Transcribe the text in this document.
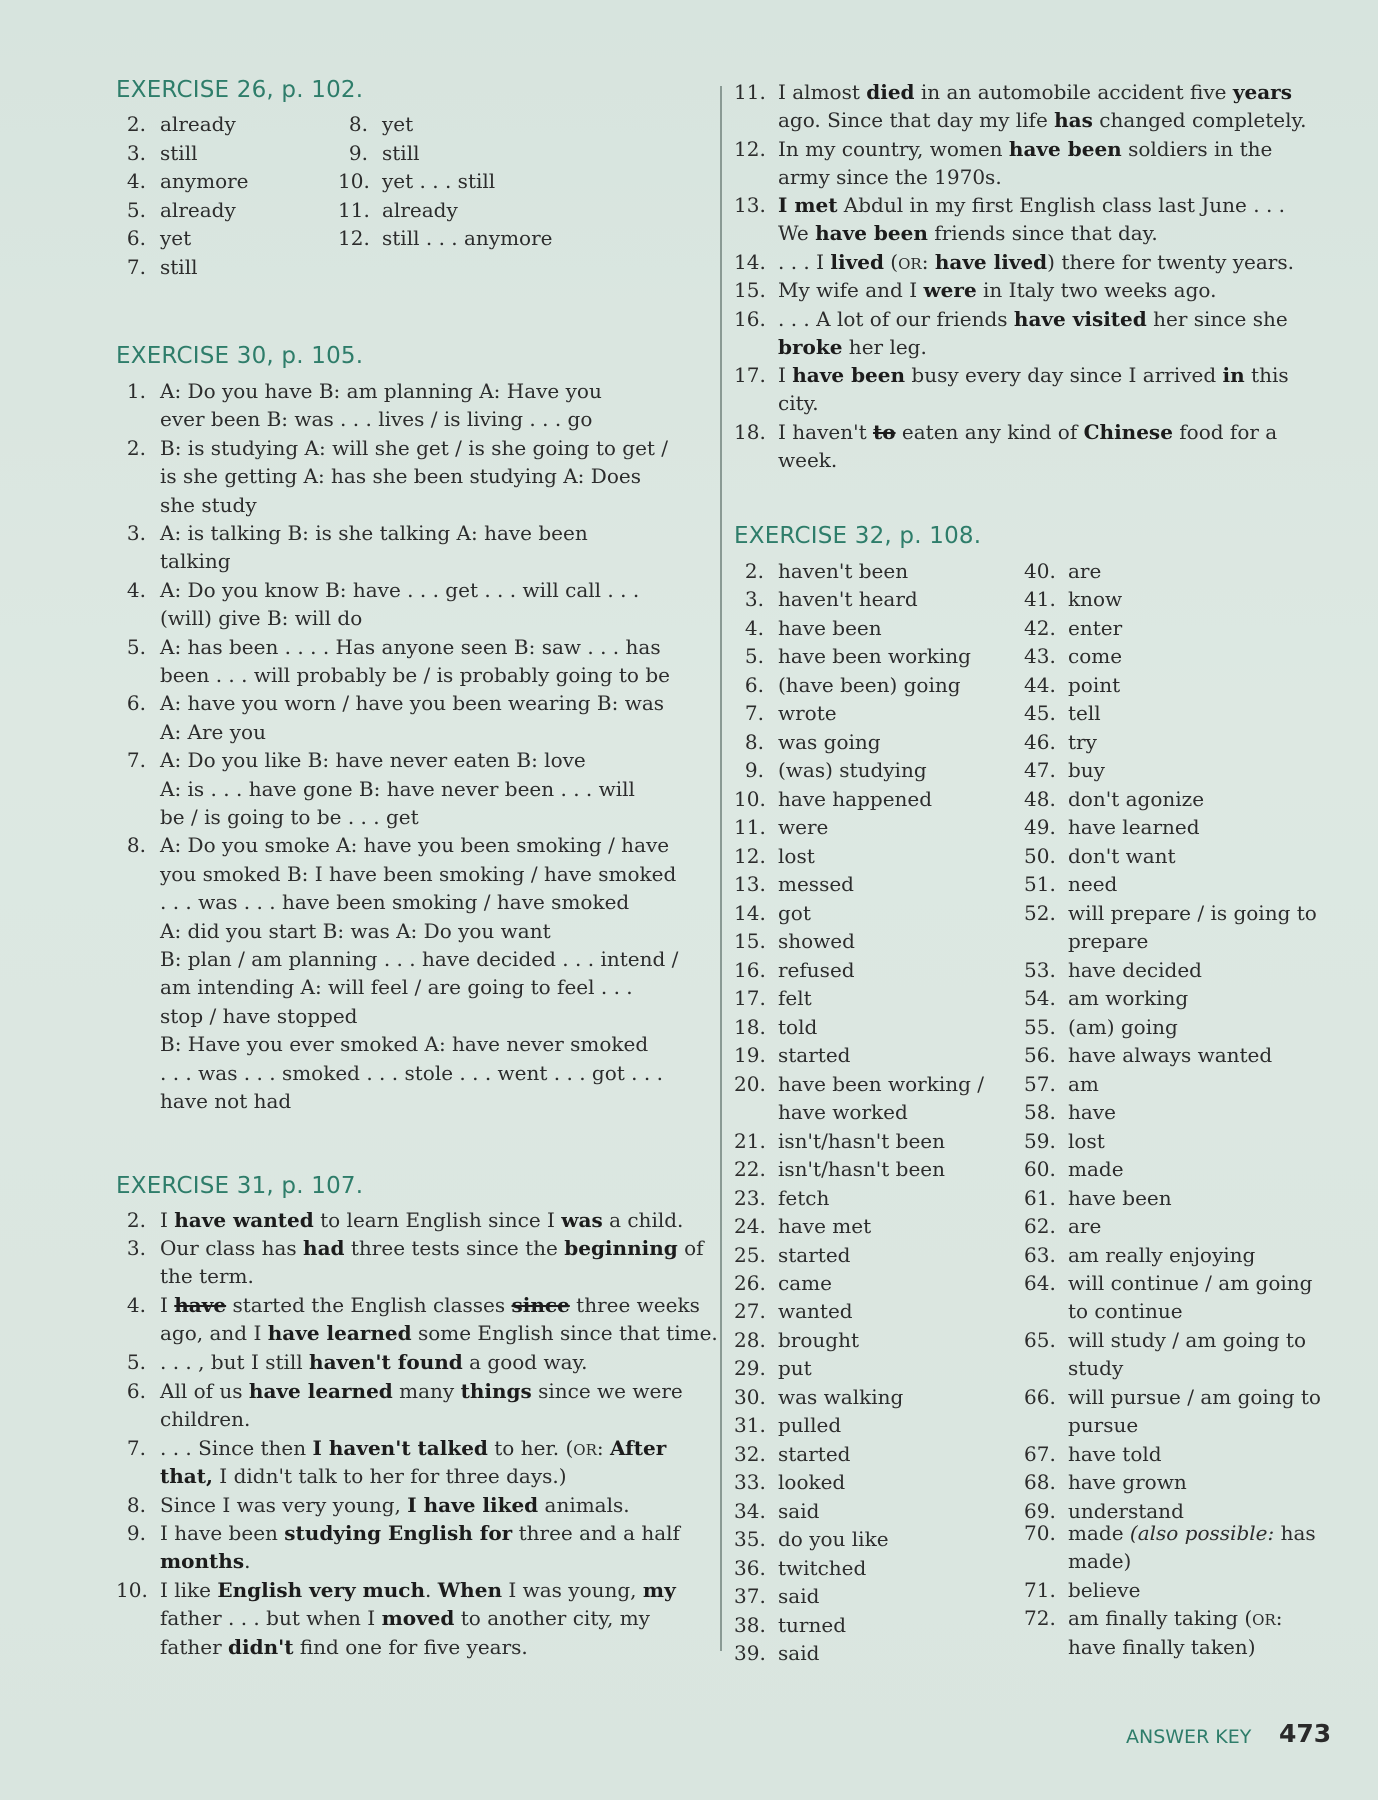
EXERCISE 26, p. 102.
2. already
3. still
4. anymore
5. already
6. yet
7. still
8. yet
9. still
10. yet . . . still
11. already
12. still . . . anymore
EXERCISE 30, p. 105.
1. A: Do you have B: am planning A: Have you
ever been B: was . . . lives / is living . . . go
2. B: is studying A: will she get / is she going to get /
is she getting A: has she been studying A: Does
she study
3. A: is talking B: is she talking A: have been
talking
4. A: Do you know B: have . . . get . . . will call . . .
(will) give B: will do
5. A: has been . . . . Has anyone seen B: saw . . . has
been . . . will probably be / is probably going to be
6. A: have you worn / have you been wearing B: was
A: Are you
7. A: Do you like B: have never eaten B: love
A: is . . . have gone B: have never been . . . will
be / is going to be . . . get
8. A: Do you smoke A: have you been smoking / have
you smoked B: I have been smoking / have smoked
. . . was . . . have been smoking / have smoked
A: did you start B: was A: Do you want
B: plan / am planning . . . have decided . . . intend /
am intending A: will feel / are going to feel . . .
stop / have stopped
B: Have you ever smoked A: have never smoked
. . . was . . . smoked . . . stole . . . went . . . got . . .
have not had
EXERCISE 31, p. 107.
2. I have wanted to learn English since I was a child.
3. Our class has had three tests since the beginning of
the term.
4. I have started the English classes since three weeks
ago, and I have learned some English since that time.
5. . . . , but I still haven't found a good way.
6. All of us have learned many things since we were
children.
7. . . . Since then I haven't talked to her. (OR: After
that, I didn't talk to her for three days.)
8. Since I was very young, I have liked animals.
9. I have been studying English for three and a half
months.
10. I like English very much. When I was young, my
father . . . but when I moved to another city, my
father didn't find one for five years.
11. I almost died in an automobile accident five years
ago. Since that day my life has changed completely.
12. In my country, women have been soldiers in the
army since the 1970s.
13. I met Abdul in my first English class last June . . .
We have been friends since that day.
14. . . . I lived (OR: have lived) there for twenty years.
15. My wife and I were in Italy two weeks ago.
16. . . . A lot of our friends have visited her since she
broke her leg.
17. I have been busy every day since I arrived in this
city.
18. I haven't to eaten any kind of Chinese food for a
week.
EXERCISE 32, p. 108.
2. haven't been
3. haven't heard
4. have been
5. have been working
6. (have been) going
7. wrote
8. was going
9. (was) studying
10. have happened
11. were
12. lost
13. messed
14. got
15. showed
16. refused
17. felt
18. told
19. started
20. have been working /
have worked
21. isn't/hasn't been
22. isn't/hasn't been
23. fetch
24. have met
25. started
26. came
27. wanted
28. brought
29. put
30. was walking
31. pulled
32. started
33. looked
34. said
35. do you like
36. twitched
37. said
38. turned
39. said
40. are
41. know
42. enter
43. come
44. point
45. tell
46. try
47. buy
48. don't agonize
49. have learned
50. don't want
51. need
52. will prepare / is going to
prepare
53. have decided
54. am working
55. (am) going
56. have always wanted
57. am
58. have
59. lost
60. made
61. have been
62. are
63. am really enjoying
64. will continue / am going
to continue
65. will study / am going to
study
66. will pursue / am going to
pursue
67. have told
68. have grown
69. understand
70. made (also possible: has
made)
71. believe
72. am finally taking (OR:
have finally taken)
ANSWER KEY 473
